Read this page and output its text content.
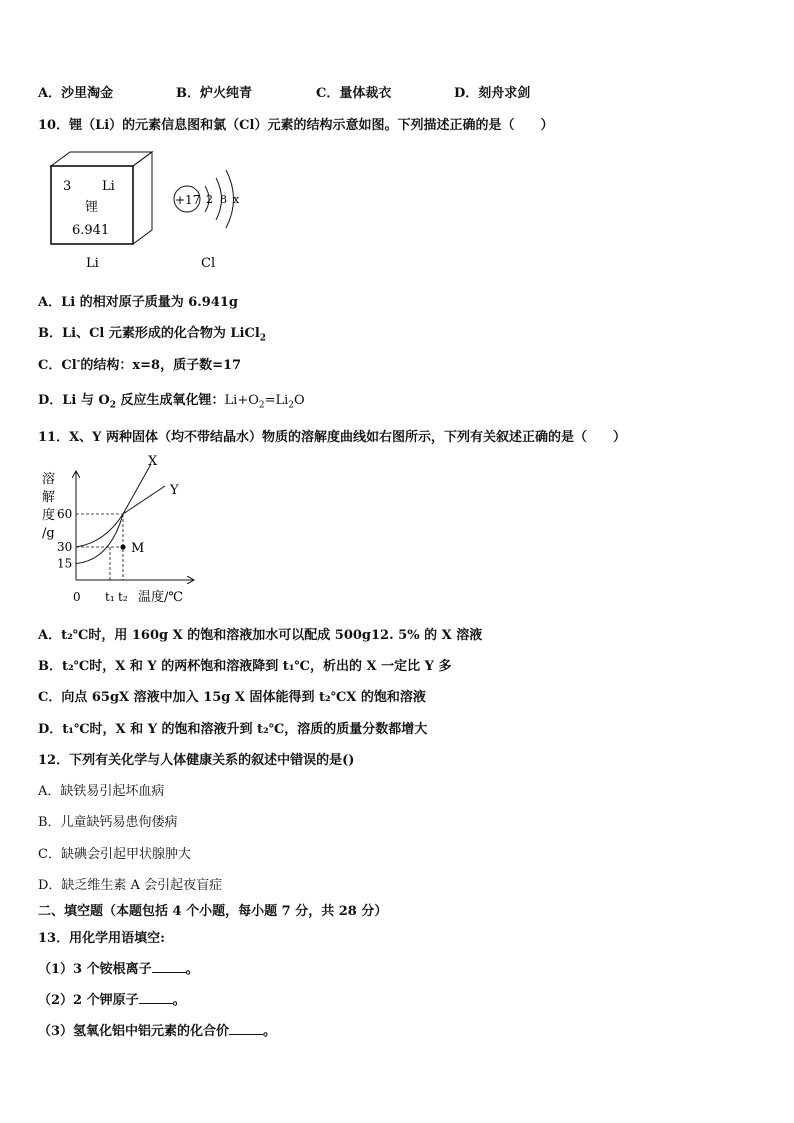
A．沙里淘金	B．炉火纯青	C．量体裁衣	D．刻舟求剑
10．锂（Li）的元素信息图和氯（Cl）元素的结构示意如图。下列描述正确的是（　　）
3 Li
锂
6.941
Li
+17 2 8 x
Cl
A．Li 的相对原子质量为 6.941g
B．Li、Cl 元素形成的化合物为 LiCl$_2$
C．Cl-的结构：x=8，质子数=17
D．Li 与 $O_2$ 反应生成氧化锂：$Li+O_2=Li_2O$
11．X、Y 两种固体（均不带结晶水）物质的溶解度曲线如右图所示，下列有关叙述正确的是（　　）
溶
解
度
/g
15
30
60
t₁ t₂
X
Y
M
0	温度/℃
A．t₂℃时，用 160g X 的饱和溶液加水可以配成 500g12. 5% 的 X 溶液
B．t₂℃时，X 和 Y 的两杯饱和溶液降到 t₁℃，析出的 X 一定比 Y 多
C．向点 65gX 溶液中加入 15g X 固体能得到 t₂℃X 的饱和溶液
D．t₁℃时，X 和 Y 的饱和溶液升到 t₂℃，溶质的质量分数都增大
12．下列有关化学与人体健康关系的叙述中错误的是()
A．缺铁易引起坏血病
B．儿童缺钙易患佝偻病
C．缺碘会引起甲状腺肿大
D．缺乏维生素 A 会引起夜盲症
二、填空题（本题包括 4 个小题，每小题 7 分，共 28 分）
13．用化学用语填空:
（1）3 个铵根离子	。
（2）2 个钾原子	。
（3）氢氧化铝中铝元素的化合价	。
